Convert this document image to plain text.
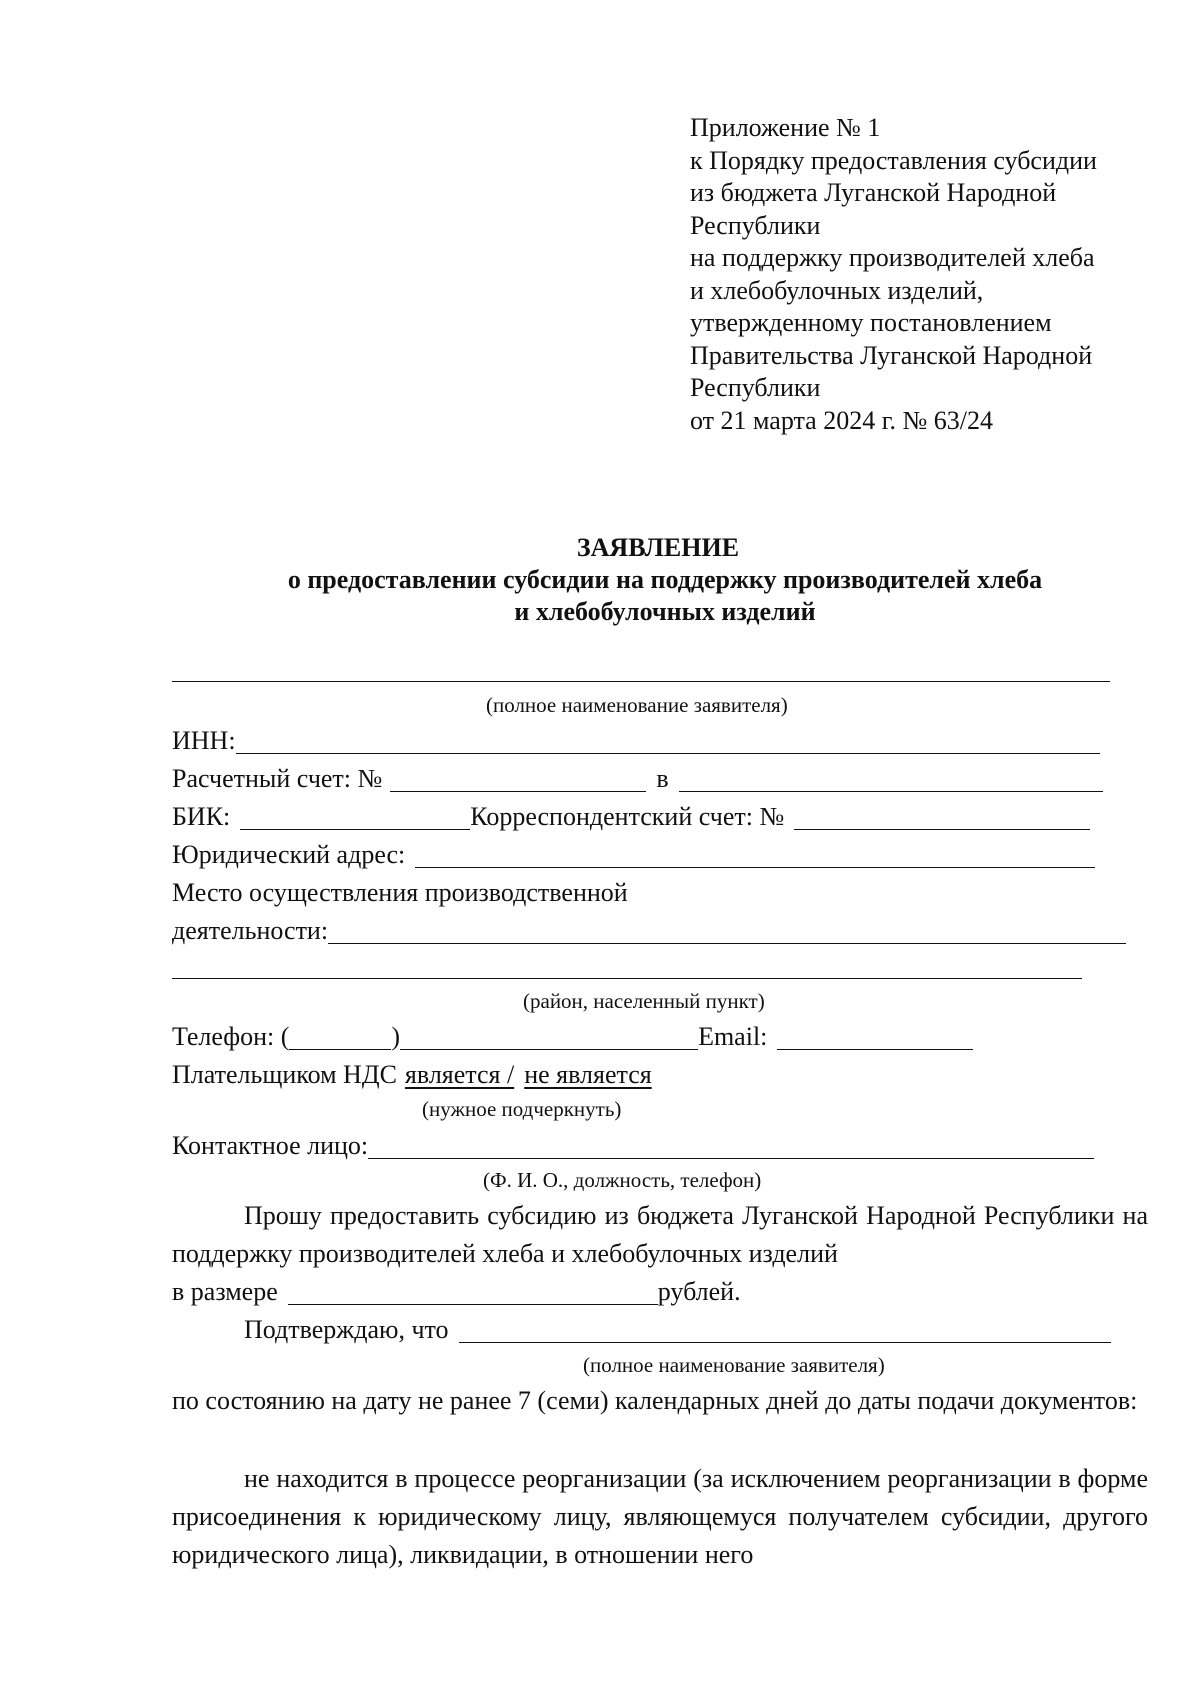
Приложение № 1
к Порядку предоставления субсидии
из бюджета Луганской Народной
Республики
на поддержку производителей хлеба
и хлебобулочных изделий,
утвержденному постановлением
Правительства Луганской Народной
Республики
от 21 марта 2024 г. № 63/24
ЗАЯВЛЕНИЕ
о предоставлении субсидии на поддержку производителей хлеба
и хлебобулочных изделий
(полное наименование заявителя)
ИНН:
Расчетный счет: №	в
БИК:	Корреспондентский счет: №
Юридический адрес:
Место осуществления производственной
деятельности:
(район, населенный пункт)
Телефон: (	)	Email:
Плательщиком НДС является / не является
(нужное подчеркнуть)
Контактное лицо:
(Ф. И. О., должность, телефон)
Прошу предоставить субсидию из бюджета Луганской Народной Республики на поддержку производителей хлеба и хлебобулочных изделий
в размере	рублей.
Подтверждаю, что
(полное наименование заявителя)
по состоянию на дату не ранее 7 (семи) календарных дней до даты подачи документов:
не находится в процессе реорганизации (за исключением реорганизации в форме присоединения к юридическому лицу, являющемуся получателем субсидии, другого юридического лица), ликвидации, в отношении него
